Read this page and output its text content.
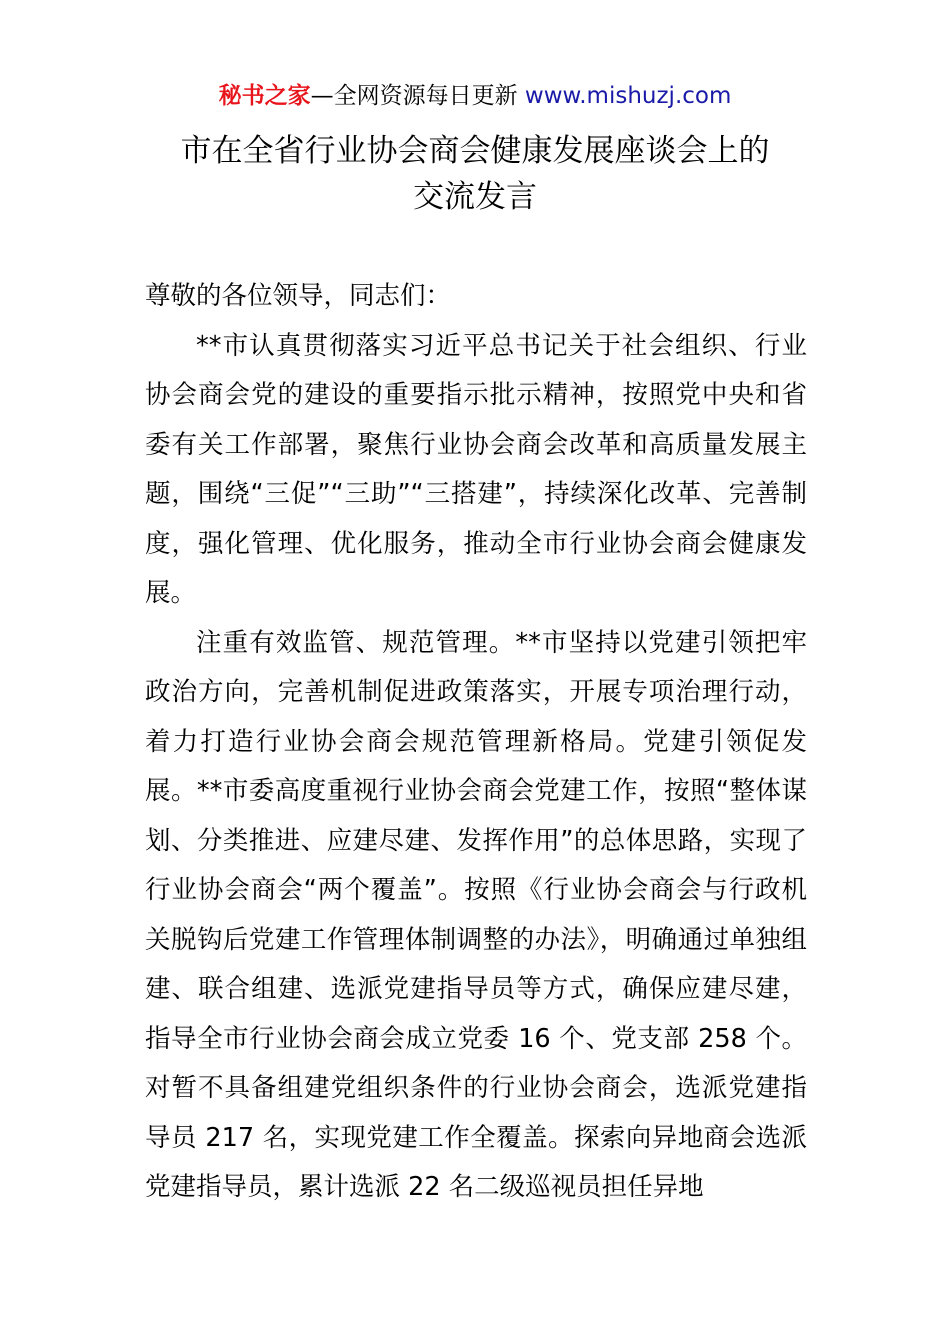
秘书之家—全网资源每日更新 www.mishuzj.com
市在全省行业协会商会健康发展座谈会上的
交流发言

尊敬的各位领导，同志们：

**市认真贯彻落实习近平总书记关于社会组织、行业协会商会党的建设的重要指示批示精神，按照党中央和省委有关工作部署，聚焦行业协会商会改革和高质量发展主题，围绕“三促”“三助”“三搭建”，持续深化改革、完善制度，强化管理、优化服务，推动全市行业协会商会健康发展。

注重有效监管、规范管理。**市坚持以党建引领把牢政治方向，完善机制促进政策落实，开展专项治理行动，着力打造行业协会商会规范管理新格局。党建引领促发展。**市委高度重视行业协会商会党建工作，按照“整体谋划、分类推进、应建尽建、发挥作用”的总体思路，实现了行业协会商会“两个覆盖”。按照《行业协会商会与行政机关脱钩后党建工作管理体制调整的办法》，明确通过单独组建、联合组建、选派党建指导员等方式，确保应建尽建，指导全市行业协会商会成立党委 16 个、党支部 258 个。对暂不具备组建党组织条件的行业协会商会，选派党建指导员 217 名，实现党建工作全覆盖。探索向异地商会选派党建指导员，累计选派 22 名二级巡视员担任异地
